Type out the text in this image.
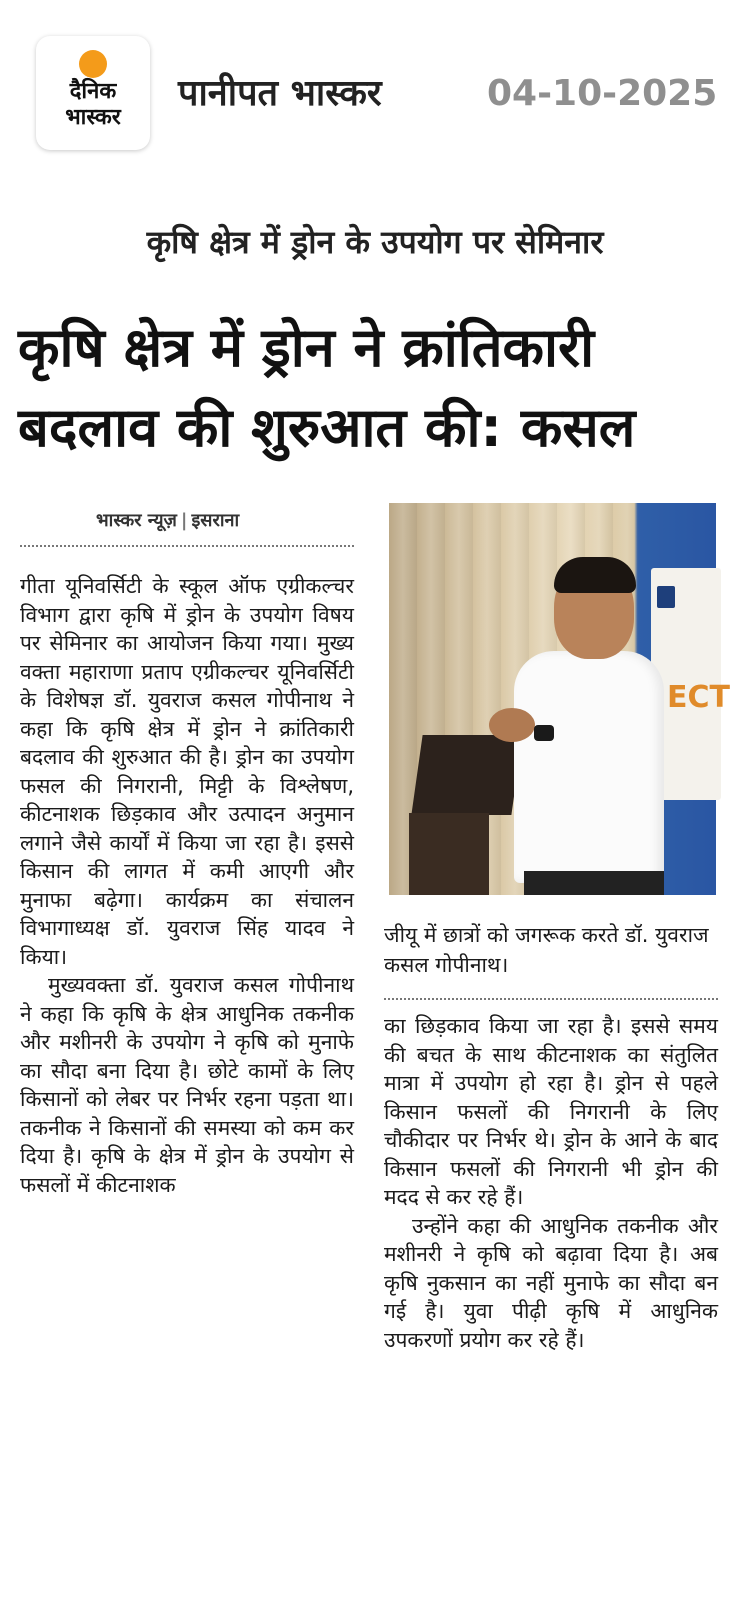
दैनिक
भास्कर
पानीपत भास्कर	04-10-2025
कृषि क्षेत्र में ड्रोन के उपयोग पर सेमिनार
कृषि क्षेत्र में ड्रोन ने क्रांतिकारी
बदलाव की शुरुआत की: कसल
भास्कर न्यूज़ | इसराना

गीता यूनिवर्सिटी के स्कूल ऑफ एग्रीकल्चर विभाग द्वारा कृषि में ड्रोन के उपयोग विषय पर सेमिनार का आयोजन किया गया। मुख्य वक्ता महाराणा प्रताप एग्रीकल्चर यूनिवर्सिटी के विशेषज्ञ डॉ. युवराज कसल गोपीनाथ ने कहा कि कृषि क्षेत्र में ड्रोन ने क्रांतिकारी बदलाव की शुरुआत की है। ड्रोन का उपयोग फसल की निगरानी, मिट्टी के विश्लेषण, कीटनाशक छिड़काव और उत्पादन अनुमान लगाने जैसे कार्यों में किया जा रहा है। इससे किसान की लागत में कमी आएगी और मुनाफा बढ़ेगा। कार्यक्रम का संचालन विभागाध्यक्ष डॉ. युवराज सिंह यादव ने किया।

मुख्यवक्ता डॉ. युवराज कसल गोपीनाथ ने कहा कि कृषि के क्षेत्र आधुनिक तकनीक और मशीनरी के उपयोग ने कृषि को मुनाफे का सौदा बना दिया है। छोटे कामों के लिए किसानों को लेबर पर निर्भर रहना पड़ता था। तकनीक ने किसानों की समस्या को कम कर दिया है। कृषि के क्षेत्र में ड्रोन के उपयोग से फसलों में कीटनाशक

ECT
जीयू में छात्रों को जगरूक करते डॉ. युवराज कसल गोपीनाथ।

का छिड़काव किया जा रहा है। इससे समय की बचत के साथ कीटनाशक का संतुलित मात्रा में उपयोग हो रहा है। ड्रोन से पहले किसान फसलों की निगरानी के लिए चौकीदार पर निर्भर थे। ड्रोन के आने के बाद किसान फसलों की निगरानी भी ड्रोन की मदद से कर रहे हैं।

उन्होंने कहा की आधुनिक तकनीक और मशीनरी ने कृषि को बढ़ावा दिया है। अब कृषि नुकसान का नहीं मुनाफे का सौदा बन गई है। युवा पीढ़ी कृषि में आधुनिक उपकरणों प्रयोग कर रहे हैं।
